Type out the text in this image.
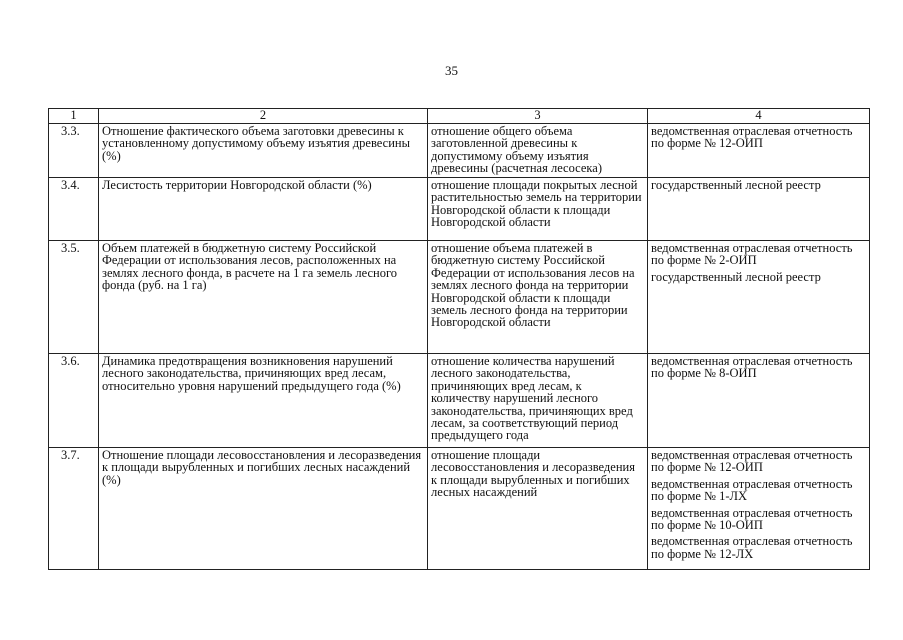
35
1	2	3	4
3.3.	Отношение фактического объема заготовки древесины к установленному допустимому объему изъятия древесины (%)	отношение общего объема заготовленной древесины к допустимому объему изъятия древесины (расчетная лесосека)	ведомственная отраслевая отчетность по форме № 12-ОИП

3.4.	Лесистость территории Новгородской области (%)	отношение площади покрытых лесной растительностью земель на территории Новгородской области к площади Новгородской области	государственный лесной реестр

3.5.	Объем платежей в бюджетную систему Российской Федерации от использования лесов, расположенных на землях лесного фонда, в расчете на 1 га земель лесного фонда (руб. на 1 га)	отношение объема платежей в бюджетную систему Российской Федерации от использования лесов на землях лесного фонда на территории Новгородской области к площади земель лесного фонда на территории Новгородской области	ведомственная отраслевая отчетность по форме № 2-ОИП

государственный лесной реестр

3.6.	Динамика предотвращения возникновения нарушений лесного законодательства, причиняющих вред лесам, относительно уровня нарушений предыдущего года (%)	отношение количества нарушений лесного законодательства, причиняющих вред лесам, к количеству нарушений лесного законодательства, причиняющих вред лесам, за соответствующий период предыдущего года	ведомственная отраслевая отчетность по форме № 8-ОИП

3.7.	Отношение площади лесовосстановления и лесоразведения к площади вырубленных и погибших лесных насаждений (%)	отношение площади лесовосстановления и лесоразведения к площади вырубленных и погибших лесных насаждений	ведомственная отраслевая отчетность по форме № 12-ОИП

ведомственная отраслевая отчетность по форме № 1-ЛХ

ведомственная отраслевая отчетность по форме № 10-ОИП

ведомственная отраслевая отчетность по форме № 12-ЛХ
